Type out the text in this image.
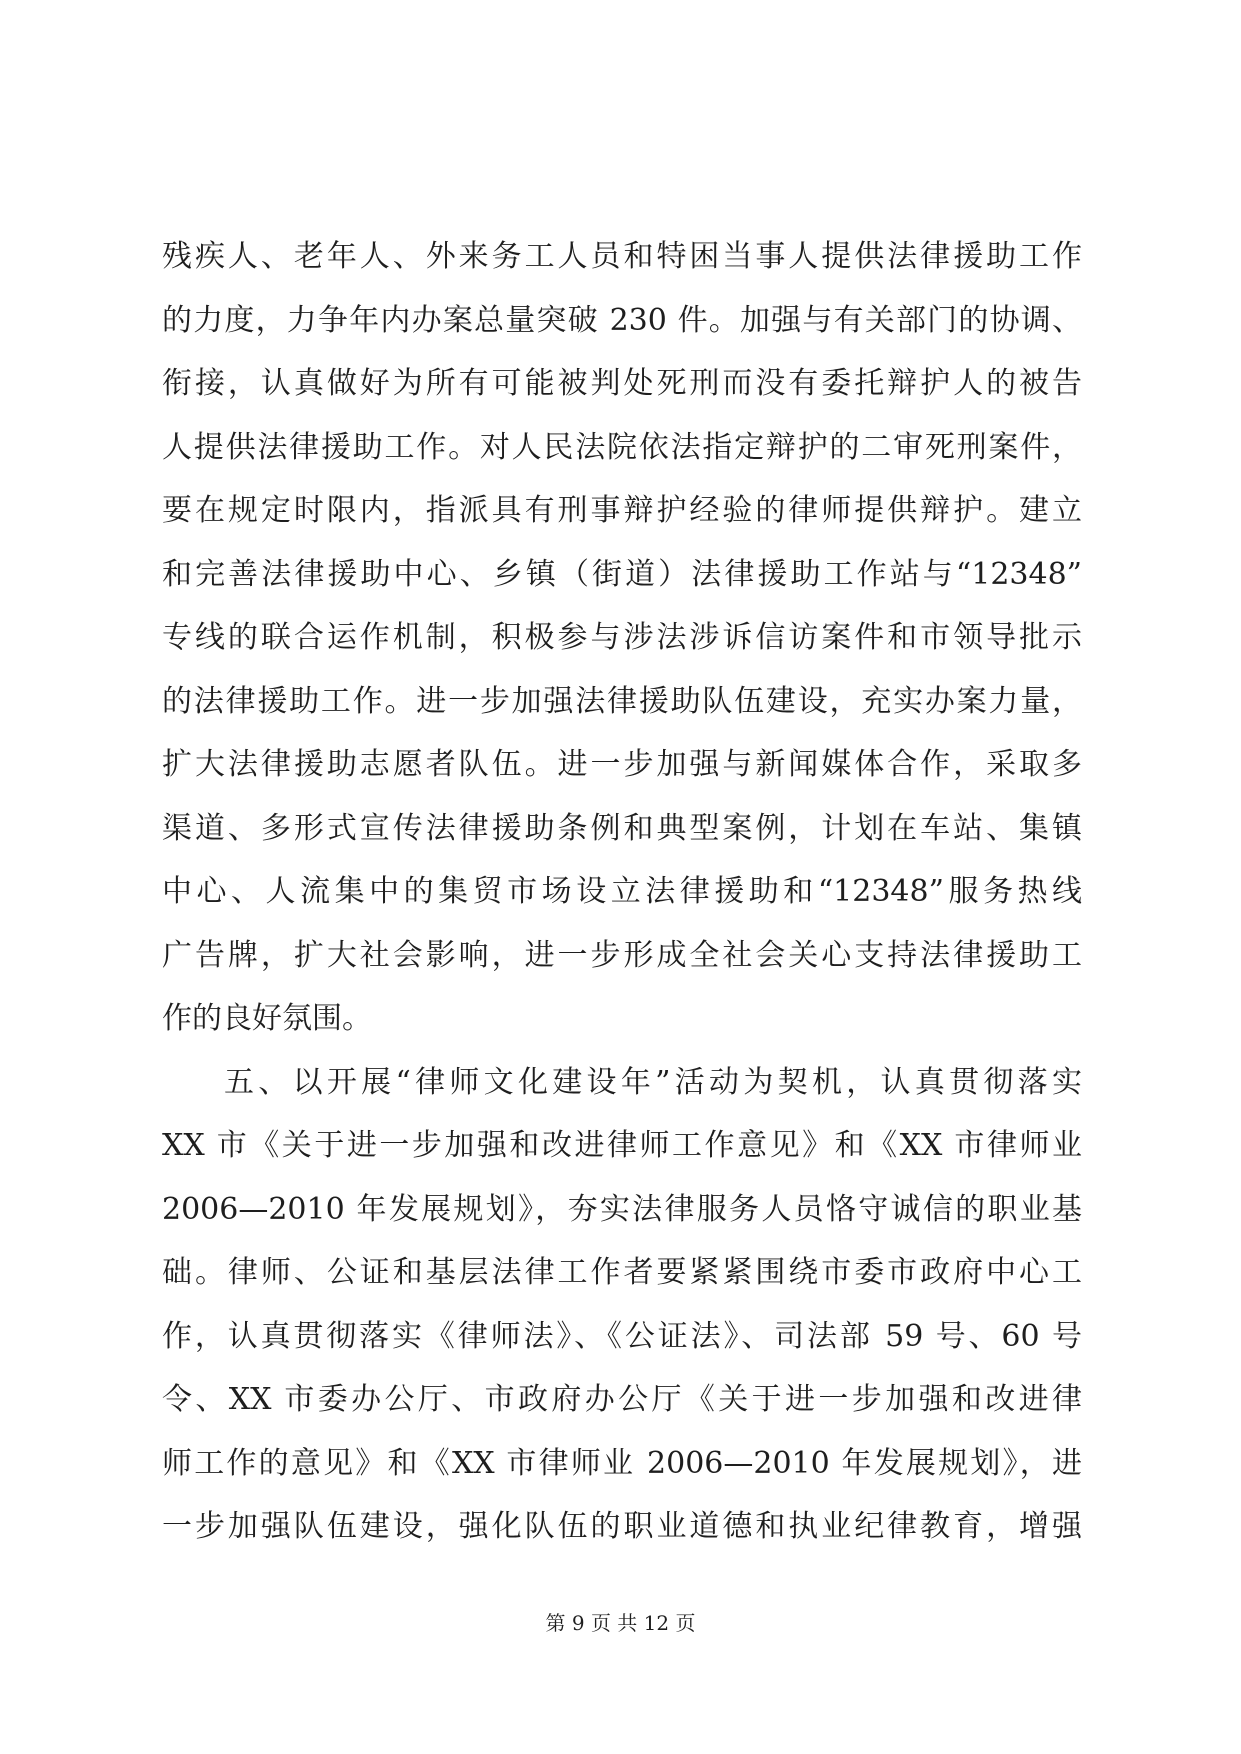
残疾人、老年人、外来务工人员和特困当事人提供法律援助工作
的力度，力争年内办案总量突破 230 件。加强与有关部门的协调、
衔接，认真做好为所有可能被判处死刑而没有委托辩护人的被告
人提供法律援助工作。对人民法院依法指定辩护的二审死刑案件，
要在规定时限内，指派具有刑事辩护经验的律师提供辩护。建立
和完善法律援助中心、乡镇（街道）法律援助工作站与“12348”
专线的联合运作机制，积极参与涉法涉诉信访案件和市领导批示
的法律援助工作。进一步加强法律援助队伍建设，充实办案力量，
扩大法律援助志愿者队伍。进一步加强与新闻媒体合作，采取多
渠道、多形式宣传法律援助条例和典型案例，计划在车站、集镇
中心、人流集中的集贸市场设立法律援助和“12348”服务热线
广告牌，扩大社会影响，进一步形成全社会关心支持法律援助工
作的良好氛围。
五、以开展“律师文化建设年”活动为契机，认真贯彻落实
XX 市《关于进一步加强和改进律师工作意见》和《XX 市律师业
2006—2010 年发展规划》，夯实法律服务人员恪守诚信的职业基
础。律师、公证和基层法律工作者要紧紧围绕市委市政府中心工
作，认真贯彻落实《律师法》、《公证法》、司法部 59 号、60 号
令、XX 市委办公厅、市政府办公厅《关于进一步加强和改进律
师工作的意见》和《XX 市律师业 2006—2010 年发展规划》，进
一步加强队伍建设，强化队伍的职业道德和执业纪律教育，增强
第 9 页 共 12 页
